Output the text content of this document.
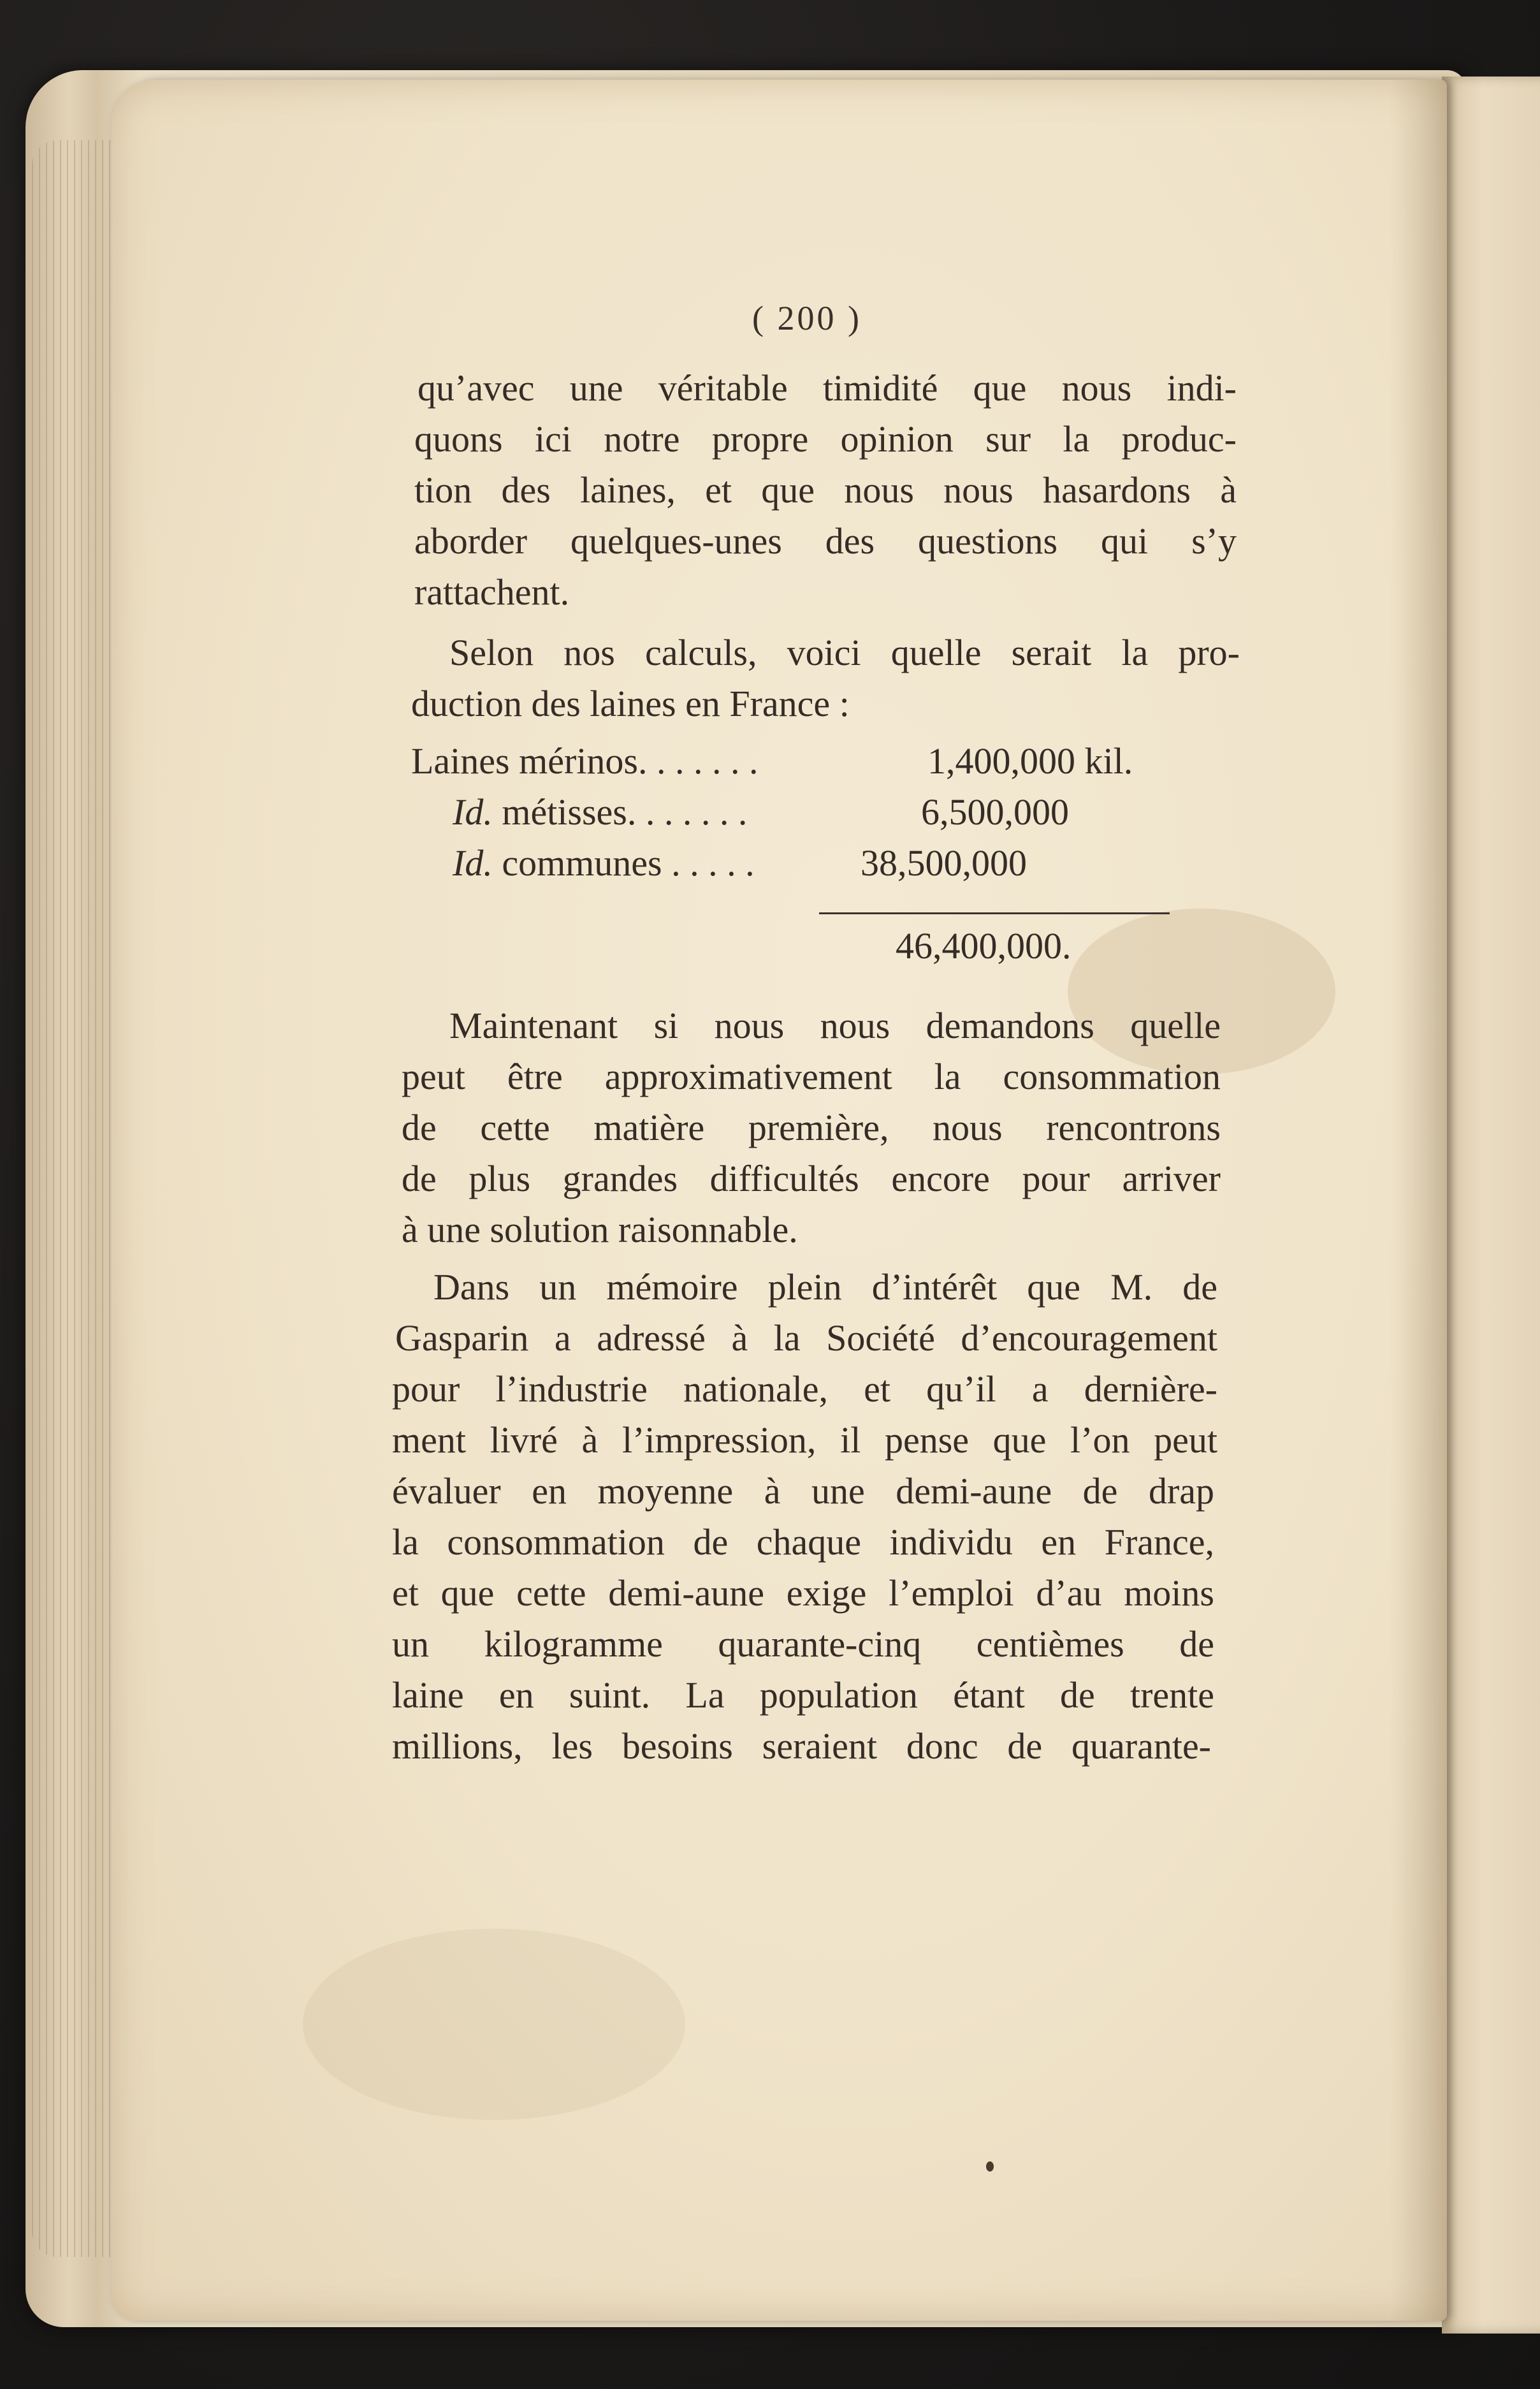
( 200 )
qu’avec une véritable timidité que nous indi-
quons ici notre propre opinion sur la produc-
tion des laines, et que nous nous hasardons à
aborder quelques-unes des questions qui s’y
rattachent.
Selon nos calculs, voici quelle serait la pro-
duction des laines en France :
Laines mérinos. . . . . . .	1,400,000 kil.
Id. métisses. . . . . . .	6,500,000
Id. communes . . . . .	38,500,000
46,400,000.
Maintenant si nous nous demandons quelle
peut être approximativement la consommation
de cette matière première, nous rencontrons
de plus grandes difficultés encore pour arriver
à une solution raisonnable.
Dans un mémoire plein d’intérêt que M. de
Gasparin a adressé à la Société d’encouragement
pour l’industrie nationale, et qu’il a dernière-
ment livré à l’impression, il pense que l’on peut
évaluer en moyenne à une demi-aune de drap
la consommation de chaque individu en France,
et que cette demi-aune exige l’emploi d’au moins
un kilogramme quarante-cinq centièmes de
laine en suint. La population étant de trente
millions, les besoins seraient donc de quarante-
